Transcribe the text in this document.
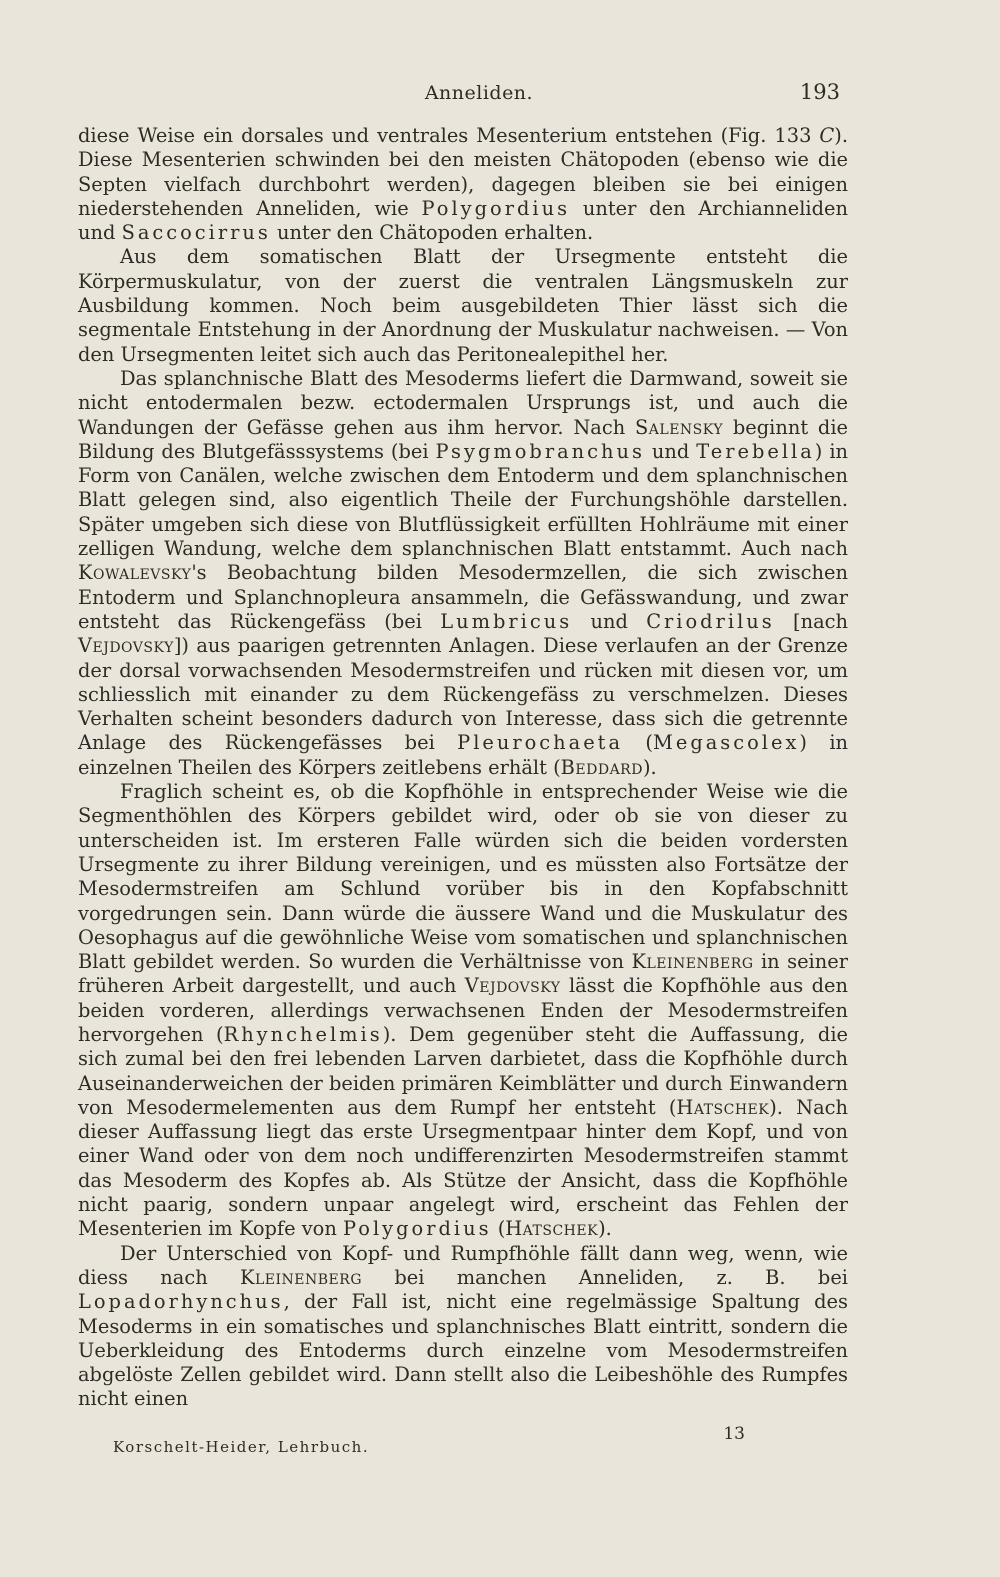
Anneliden.	193

diese Weise ein dorsales und ventrales Mesenterium entstehen (Fig. 133 C). Diese Mesenterien schwinden bei den meisten Chätopoden (ebenso wie die Septen vielfach durchbohrt werden), dagegen bleiben sie bei einigen niederstehenden Anneliden, wie Polygordius unter den Archianneliden und Saccocirrus unter den Chätopoden erhalten.

Aus dem somatischen Blatt der Ursegmente entsteht die Körpermuskulatur, von der zuerst die ventralen Längsmuskeln zur Ausbildung kommen. Noch beim ausgebildeten Thier lässt sich die segmentale Entstehung in der Anordnung der Muskulatur nachweisen. — Von den Ursegmenten leitet sich auch das Peritonealepithel her.

Das splanchnische Blatt des Mesoderms liefert die Darmwand, soweit sie nicht entodermalen bezw. ectodermalen Ursprungs ist, und auch die Wandungen der Gefässe gehen aus ihm hervor. Nach Salensky beginnt die Bildung des Blutgefässsystems (bei Psygmobranchus und Terebella) in Form von Canälen, welche zwischen dem Entoderm und dem splanchnischen Blatt gelegen sind, also eigentlich Theile der Furchungshöhle darstellen. Später umgeben sich diese von Blutflüssigkeit erfüllten Hohlräume mit einer zelligen Wandung, welche dem splanchnischen Blatt entstammt. Auch nach Kowalevsky's Beobachtung bilden Mesodermzellen, die sich zwischen Entoderm und Splanchnopleura ansammeln, die Gefässwandung, und zwar entsteht das Rückengefäss (bei Lumbricus und Criodrilus [nach Vejdovsky]) aus paarigen getrennten Anlagen. Diese verlaufen an der Grenze der dorsal vorwachsenden Mesodermstreifen und rücken mit diesen vor, um schliesslich mit einander zu dem Rückengefäss zu verschmelzen. Dieses Verhalten scheint besonders dadurch von Interesse, dass sich die getrennte Anlage des Rückengefässes bei Pleurochaeta (Megascolex) in einzelnen Theilen des Körpers zeitlebens erhält (Beddard).

Fraglich scheint es, ob die Kopfhöhle in entsprechender Weise wie die Segmenthöhlen des Körpers gebildet wird, oder ob sie von dieser zu unterscheiden ist. Im ersteren Falle würden sich die beiden vordersten Ursegmente zu ihrer Bildung vereinigen, und es müssten also Fortsätze der Mesodermstreifen am Schlund vorüber bis in den Kopfabschnitt vorgedrungen sein. Dann würde die äussere Wand und die Muskulatur des Oesophagus auf die gewöhnliche Weise vom somatischen und splanchnischen Blatt gebildet werden. So wurden die Verhältnisse von Kleinenberg in seiner früheren Arbeit dargestellt, und auch Vejdovsky lässt die Kopfhöhle aus den beiden vorderen, allerdings verwachsenen Enden der Mesodermstreifen hervorgehen (Rhynchelmis). Dem gegenüber steht die Auffassung, die sich zumal bei den frei lebenden Larven darbietet, dass die Kopfhöhle durch Auseinanderweichen der beiden primären Keimblätter und durch Einwandern von Mesodermelementen aus dem Rumpf her entsteht (Hatschek). Nach dieser Auffassung liegt das erste Ursegmentpaar hinter dem Kopf, und von einer Wand oder von dem noch undifferenzirten Mesodermstreifen stammt das Mesoderm des Kopfes ab. Als Stütze der Ansicht, dass die Kopfhöhle nicht paarig, sondern unpaar angelegt wird, erscheint das Fehlen der Mesenterien im Kopfe von Polygordius (Hatschek).

Der Unterschied von Kopf- und Rumpfhöhle fällt dann weg, wenn, wie diess nach Kleinenberg bei manchen Anneliden, z. B. bei Lopadorhynchus, der Fall ist, nicht eine regelmässige Spaltung des Mesoderms in ein somatisches und splanchnisches Blatt eintritt, sondern die Ueberkleidung des Entoderms durch einzelne vom Mesodermstreifen abgelöste Zellen gebildet wird. Dann stellt also die Leibeshöhle des Rumpfes nicht einen

Korschelt-Heider, Lehrbuch.
13
